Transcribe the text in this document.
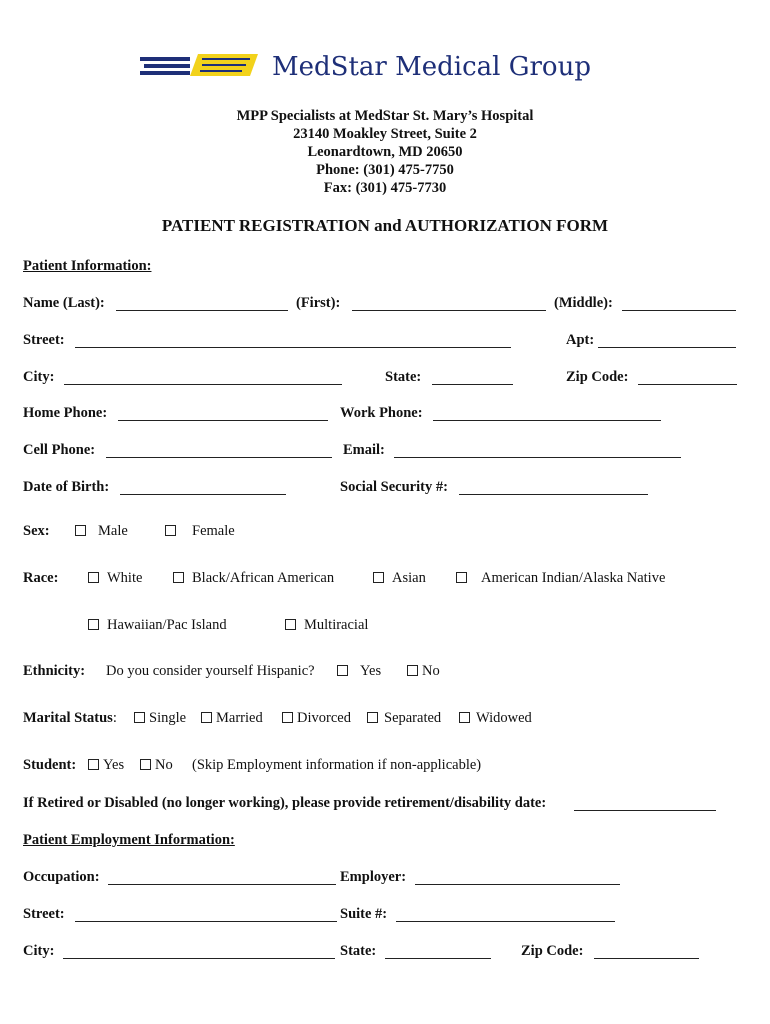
MedStar Medical Group
MPP Specialists at MedStar St. Mary’s Hospital
23140 Moakley Street, Suite 2
Leonardtown, MD 20650
Phone: (301) 475-7750
Fax: (301) 475-7730
PATIENT REGISTRATION and AUTHORIZATION FORM
Patient Information:
Name (Last):	(First):	(Middle):
Street:	Apt:
City:	State:	Zip Code:
Home Phone:	Work Phone:
Cell Phone:	Email:
Date of Birth:	Social Security #:
Sex:	Male	Female
Race:	White	Black/African American	Asian	American Indian/Alaska Native
Hawaiian/Pac Island	Multiracial
Ethnicity: Do you consider yourself Hispanic?	Yes	No
Marital Status:	Single	Married	Divorced	Separated	Widowed
Student:	Yes	No (Skip Employment information if non-applicable)
If Retired or Disabled (no longer working), please provide retirement/disability date:
Patient Employment Information:
Occupation:	Employer:
Street:	Suite #:
City:	State:	Zip Code:
